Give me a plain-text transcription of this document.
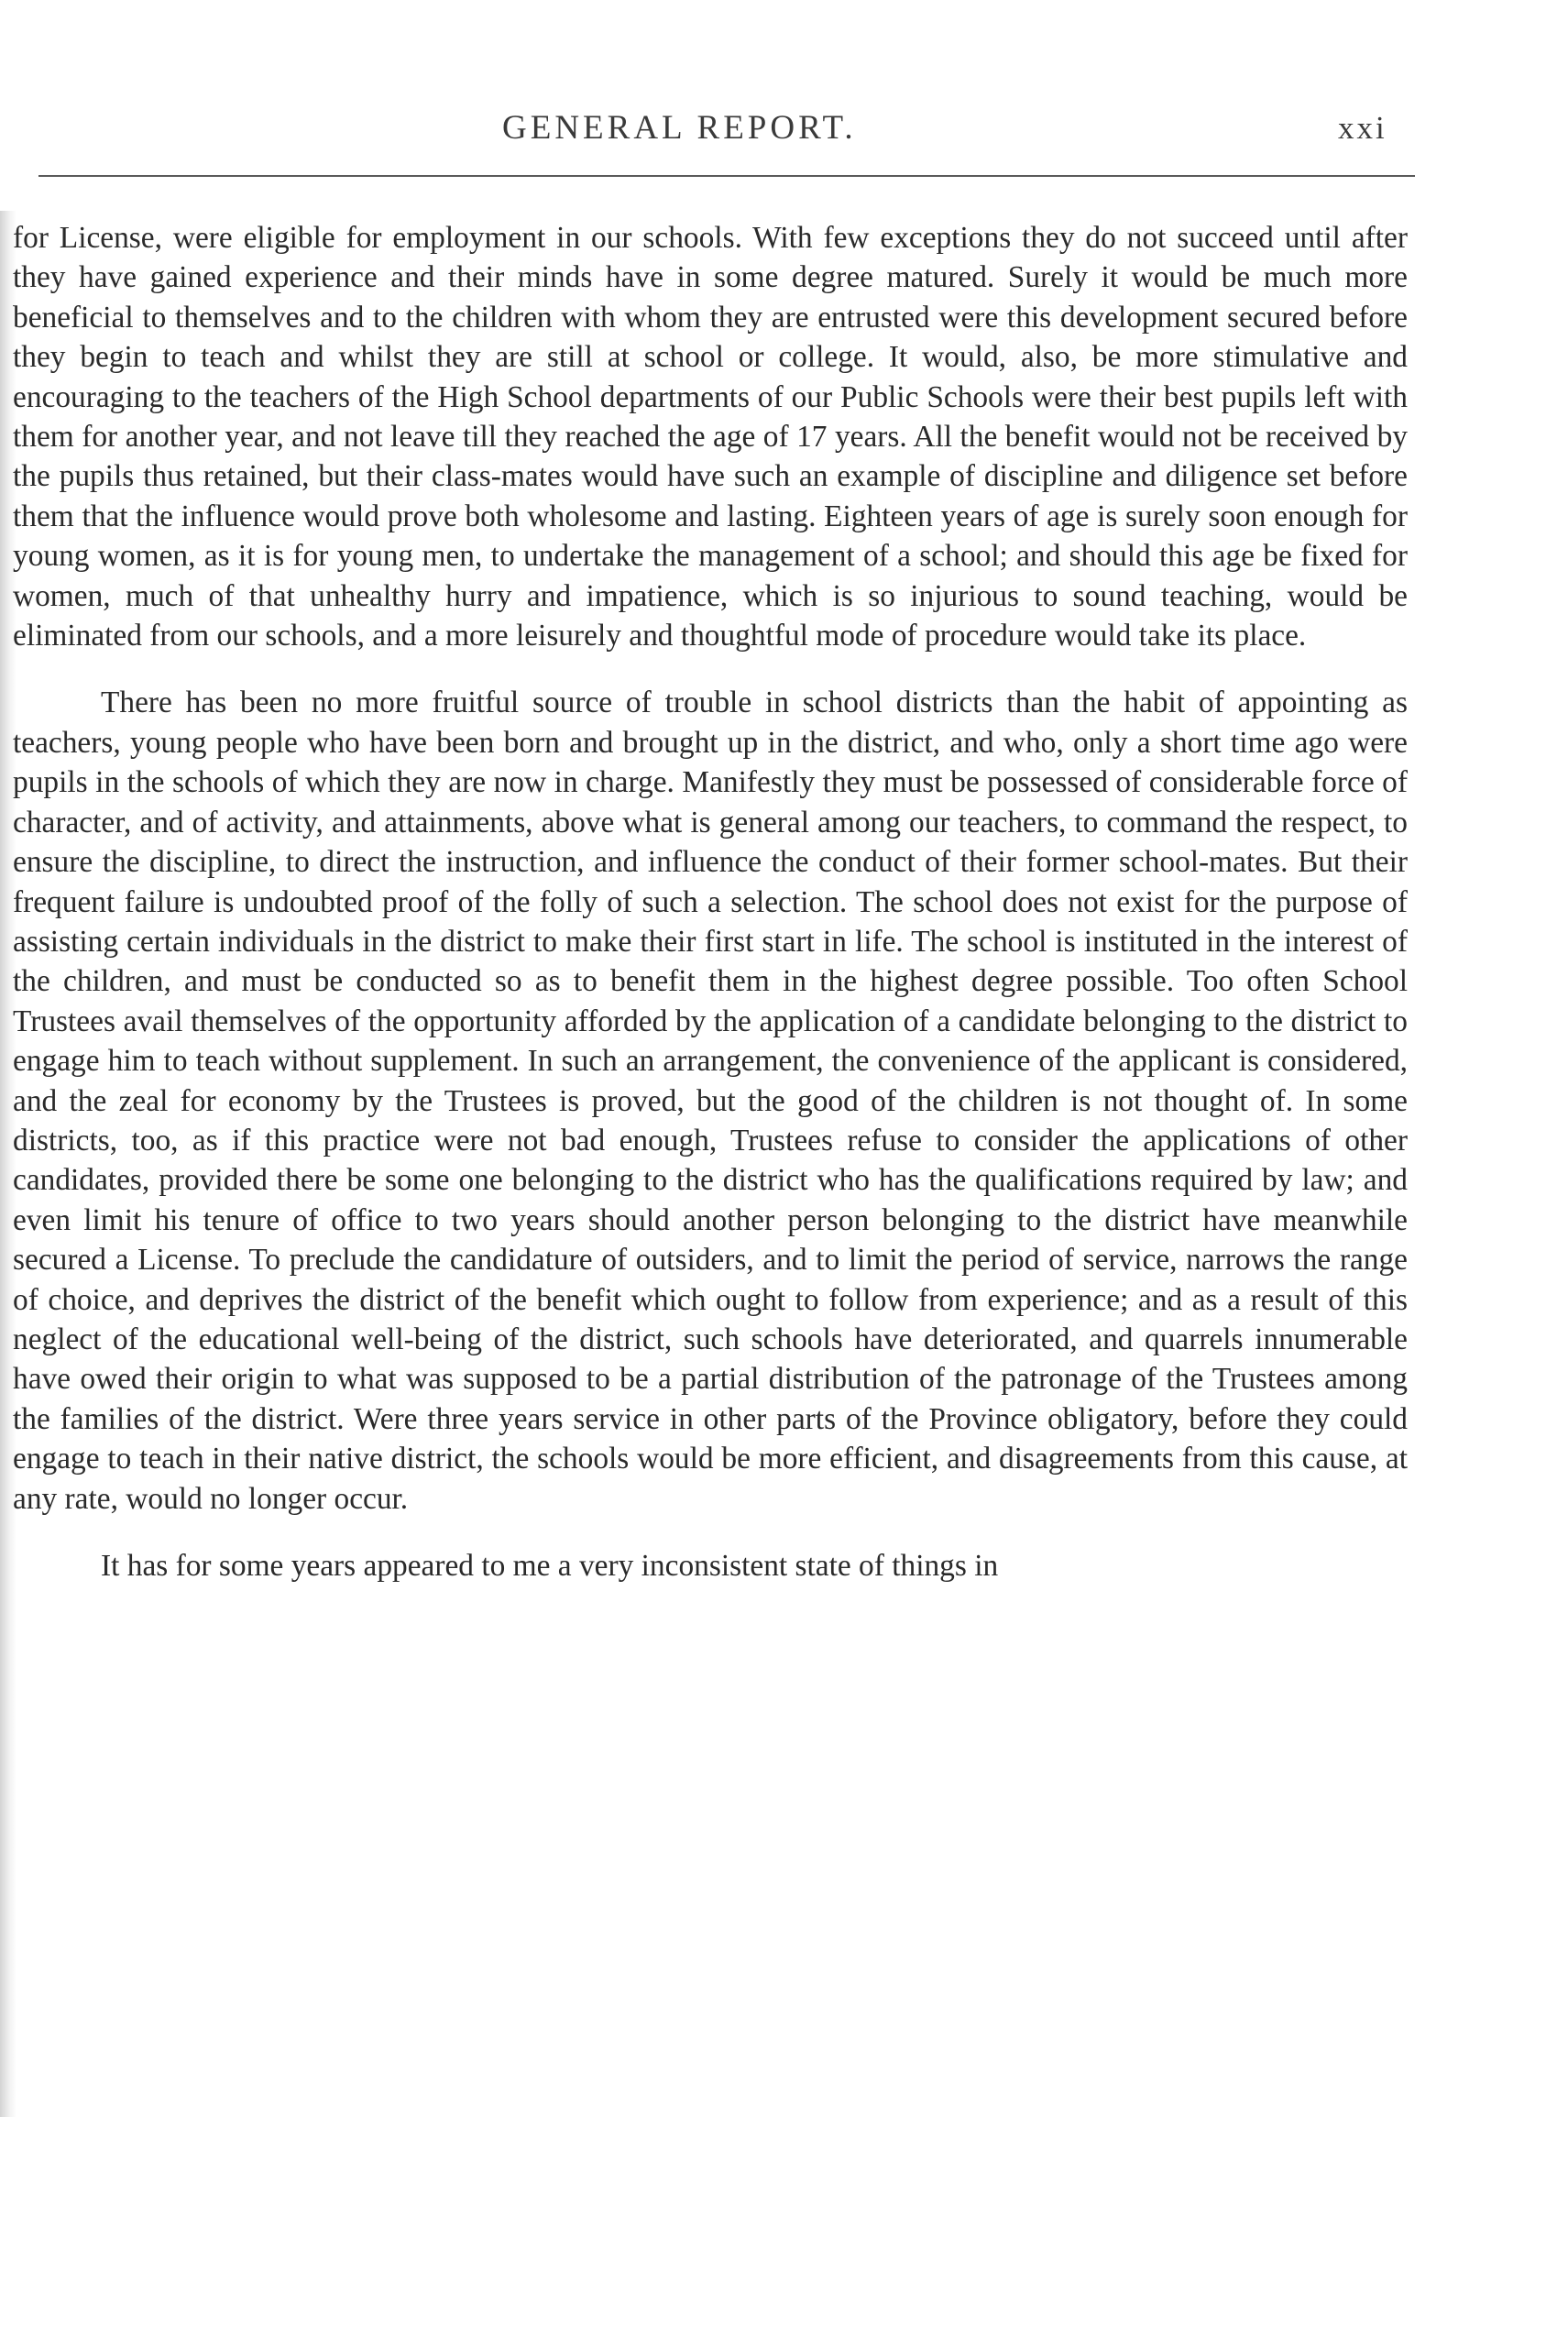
GENERAL REPORT.	xxi

for License, were eligible for employment in our schools. With few exceptions they do not succeed until after they have gained experience and their minds have in some degree matured. Surely it would be much more beneficial to themselves and to the children with whom they are entrusted were this development secured before they begin to teach and whilst they are still at school or college. It would, also, be more stimulative and encouraging to the teachers of the High School departments of our Public Schools were their best pupils left with them for another year, and not leave till they reached the age of 17 years. All the benefit would not be received by the pupils thus retained, but their class-mates would have such an example of discipline and diligence set before them that the influence would prove both wholesome and lasting. Eighteen years of age is surely soon enough for young women, as it is for young men, to undertake the management of a school; and should this age be fixed for women, much of that unhealthy hurry and impatience, which is so injurious to sound teaching, would be eliminated from our schools, and a more leisurely and thoughtful mode of procedure would take its place.

There has been no more fruitful source of trouble in school districts than the habit of appointing as teachers, young people who have been born and brought up in the district, and who, only a short time ago were pupils in the schools of which they are now in charge. Manifestly they must be possessed of considerable force of character, and of activity, and attainments, above what is general among our teachers, to command the respect, to ensure the discipline, to direct the instruction, and influence the conduct of their former school-mates. But their frequent failure is undoubted proof of the folly of such a selection. The school does not exist for the purpose of assisting certain individuals in the district to make their first start in life. The school is instituted in the interest of the children, and must be conducted so as to benefit them in the highest degree possible. Too often School Trustees avail themselves of the opportunity afforded by the application of a candidate belonging to the district to engage him to teach without supplement. In such an arrangement, the convenience of the applicant is considered, and the zeal for economy by the Trustees is proved, but the good of the children is not thought of. In some districts, too, as if this practice were not bad enough, Trustees refuse to consider the applications of other candidates, provided there be some one belonging to the district who has the qualifications required by law; and even limit his tenure of office to two years should another person belonging to the district have meanwhile secured a License. To preclude the candidature of outsiders, and to limit the period of service, narrows the range of choice, and deprives the district of the benefit which ought to follow from experience; and as a result of this neglect of the educational well-being of the district, such schools have deteriorated, and quarrels innumerable have owed their origin to what was supposed to be a partial distribution of the patronage of the Trustees among the families of the district. Were three years service in other parts of the Province obligatory, before they could engage to teach in their native district, the schools would be more efficient, and disagreements from this cause, at any rate, would no longer occur.

It has for some years appeared to me a very inconsistent state of things in
